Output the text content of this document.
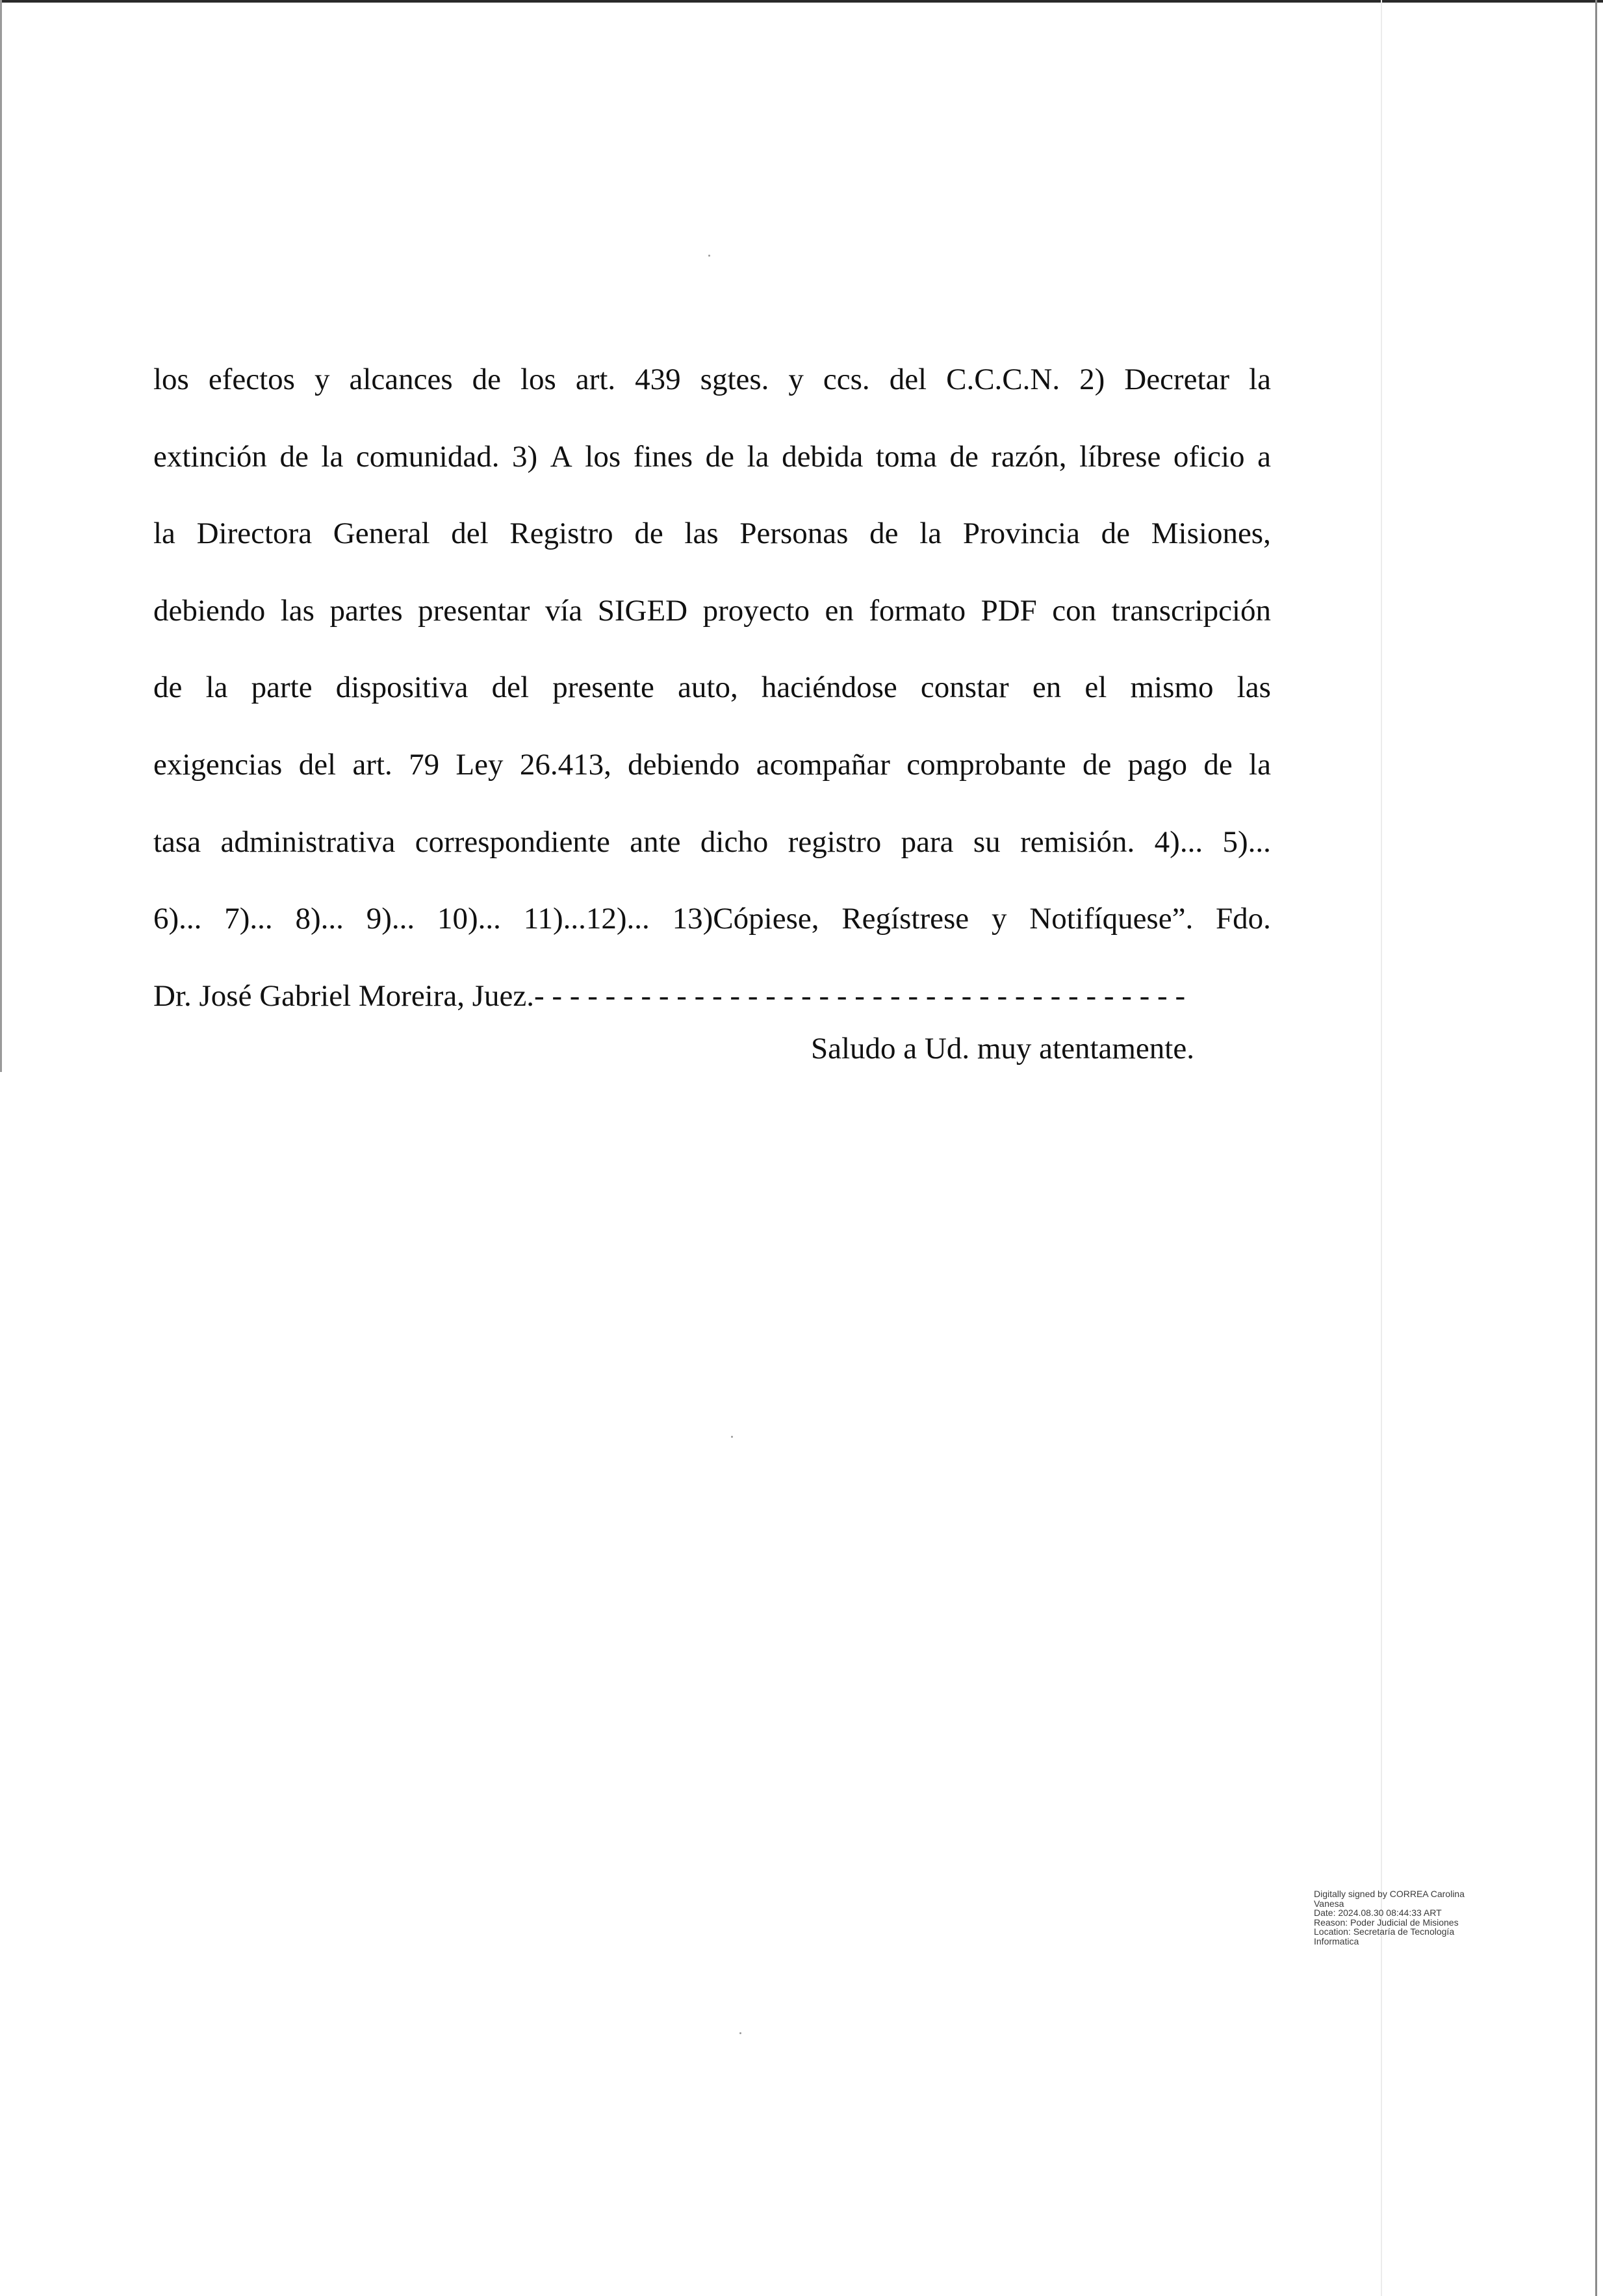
los efectos y alcances de los art. 439 sgtes. y ccs. del C.C.C.N. 2) Decretar la
extinción de la comunidad. 3) A los fines de la debida toma de razón, líbrese oficio a
la Directora General del Registro de las Personas de la Provincia de Misiones,
debiendo las partes presentar vía SIGED proyecto en formato PDF con transcripción
de la parte dispositiva del presente auto, haciéndose constar en el mismo las
exigencias del art. 79 Ley 26.413, debiendo acompañar comprobante de pago de la
tasa administrativa correspondiente ante dicho registro para su remisión. 4)... 5)...
6)... 7)... 8)... 9)... 10)... 11)...12)... 13)Cópiese, Regístrese y Notifíquese”. Fdo.
Dr. José Gabriel Moreira, Juez.- - - - - - - - - - - - - - - - - - - - - - - - - - - - - - - - - - - - -
Saludo a Ud. muy atentamente.
Digitally signed by CORREA Carolina
Vanesa
Date: 2024.08.30 08:44:33 ART
Reason: Poder Judicial de Misiones
Location: Secretaría de Tecnología
Informatica
